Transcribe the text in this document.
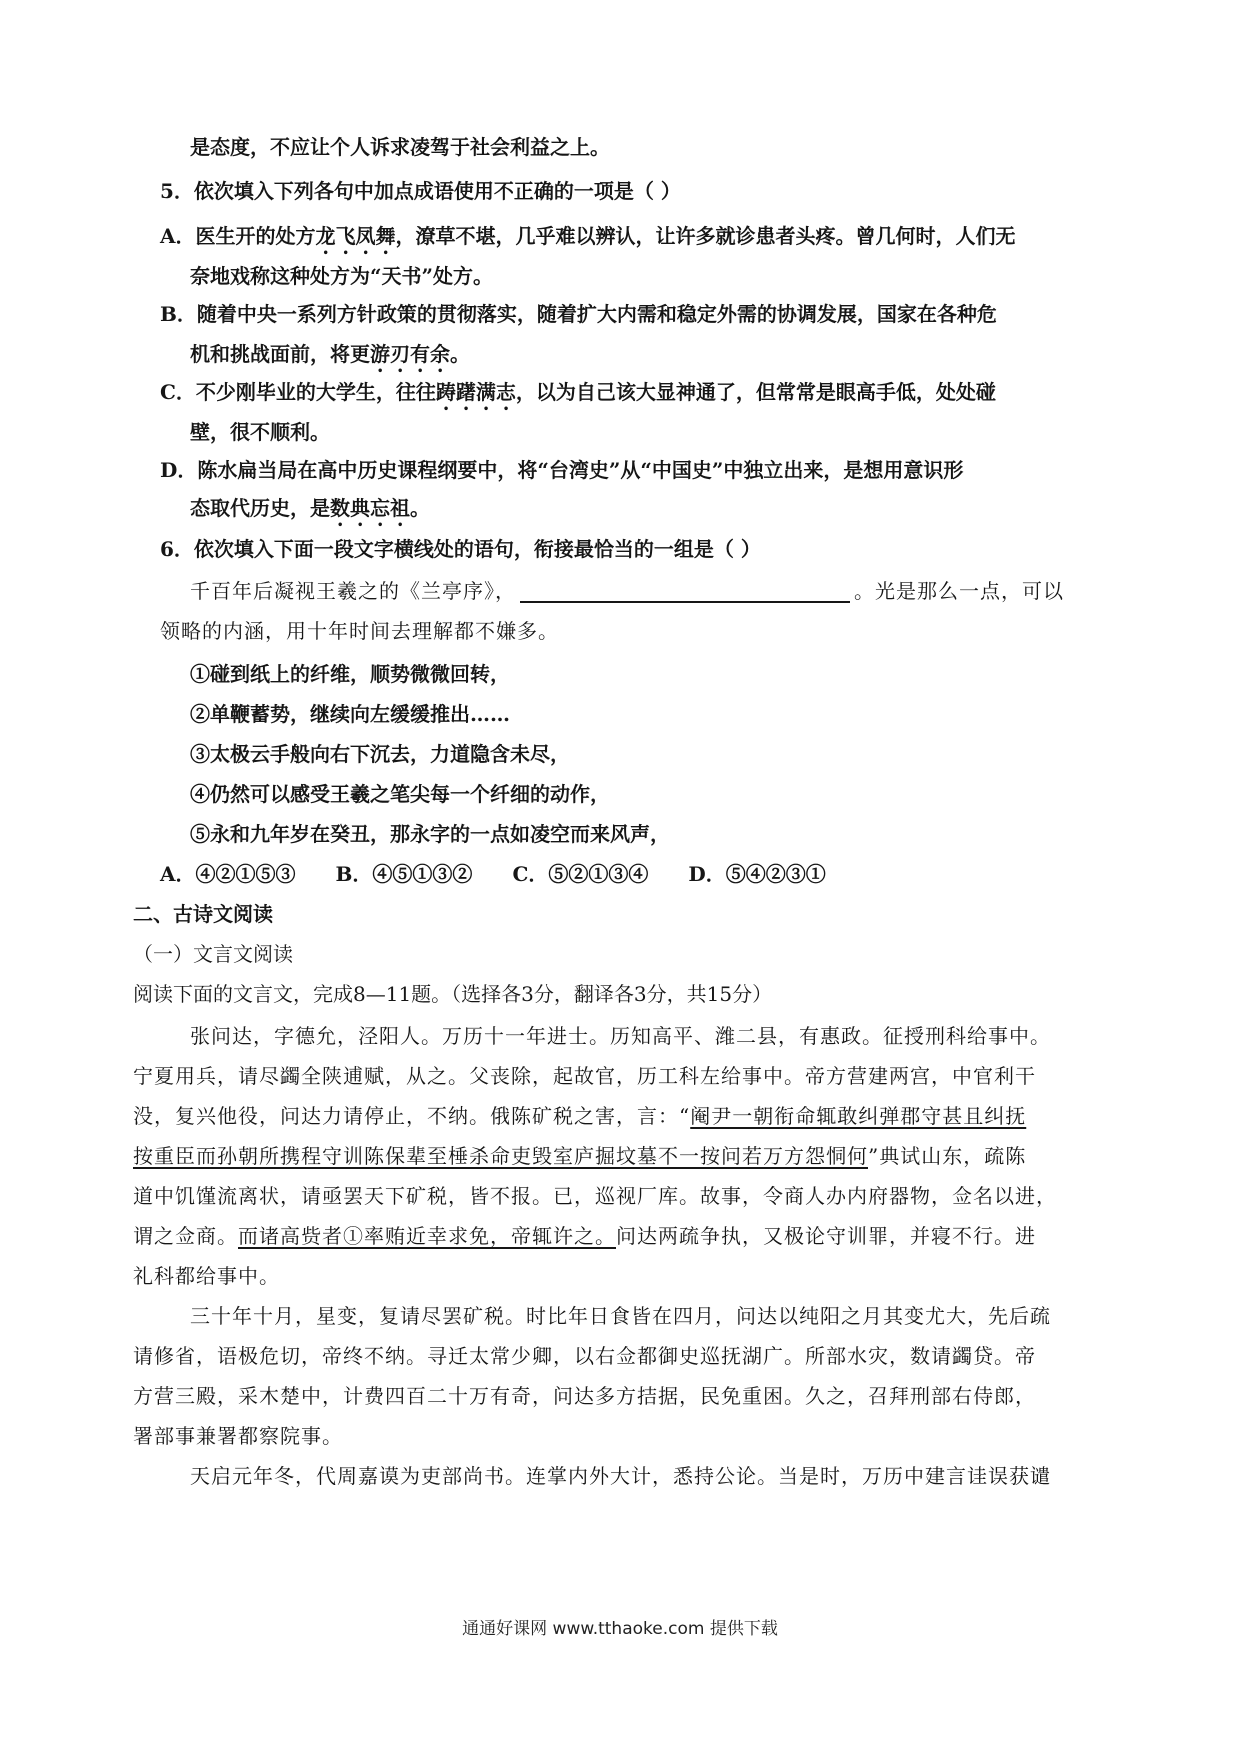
是态度，不应让个人诉求凌驾于社会利益之上。
5．依次填入下列各句中加点成语使用不正确的一项是（ ）
A．医生开的处方龙飞凤舞，潦草不堪，几乎难以辨认，让许多就诊患者头疼。曾几何时，人们无
奈地戏称这种处方为“天书”处方。
B．随着中央一系列方针政策的贯彻落实，随着扩大内需和稳定外需的协调发展，国家在各种危
机和挑战面前，将更游刃有余。
C．不少刚毕业的大学生，往往踌躇满志，以为自己该大显神通了，但常常是眼高手低，处处碰
壁，很不顺利。
D．陈水扁当局在高中历史课程纲要中，将“台湾史”从“中国史”中独立出来，是想用意识形
态取代历史，是数典忘祖。
6．依次填入下面一段文字横线处的语句，衔接最恰当的一组是（ ）
千百年后凝视王羲之的《兰亭序》，	。光是那么一点，可以
领略的内涵，用十年时间去理解都不嫌多。
①碰到纸上的纤维，顺势微微回转，
②单鞭蓄势，继续向左缓缓推出……
③太极云手般向右下沉去，力道隐含未尽，
④仍然可以感受王羲之笔尖每一个纤细的动作，
⑤永和九年岁在癸丑，那永字的一点如凌空而来风声，
A．④②①⑤③ B．④⑤①③② C．⑤②①③④ D．⑤④②③①
二、古诗文阅读
（一）文言文阅读
阅读下面的文言文，完成8—11题。（选择各3分，翻译各3分，共15分）
张问达，字德允，泾阳人。万历十一年进士。历知高平、潍二县，有惠政。征授刑科给事中。
宁夏用兵，请尽蠲全陕逋赋，从之。父丧除，起故官，历工科左给事中。帝方营建两宫，中官利干
没，复兴他役，问达力请停止，不纳。俄陈矿税之害，言：“阉尹一朝衔命辄敢纠弹郡守甚且纠抚
按重臣而孙朝所携程守训陈保辈至棰杀命吏毁室庐掘坟墓不一按问若万方怨恫何”典试山东，疏陈
道中饥馑流离状，请亟罢天下矿税，皆不报。已，巡视厂库。故事，令商人办内府器物，佥名以进，
谓之佥商。而诸高赀者①率贿近幸求免，帝辄许之。问达两疏争执，又极论守训罪，并寝不行。进
礼科都给事中。
三十年十月，星变，复请尽罢矿税。时比年日食皆在四月，问达以纯阳之月其变尤大，先后疏
请修省，语极危切，帝终不纳。寻迁太常少卿，以右佥都御史巡抚湖广。所部水灾，数请蠲贷。帝
方营三殿，采木楚中，计费四百二十万有奇，问达多方拮据，民免重困。久之，召拜刑部右侍郎，
署部事兼署都察院事。
天启元年冬，代周嘉谟为吏部尚书。连掌内外大计，悉持公论。当是时，万历中建言诖误获谴
通通好课网 www.tthaoke.com 提供下载
